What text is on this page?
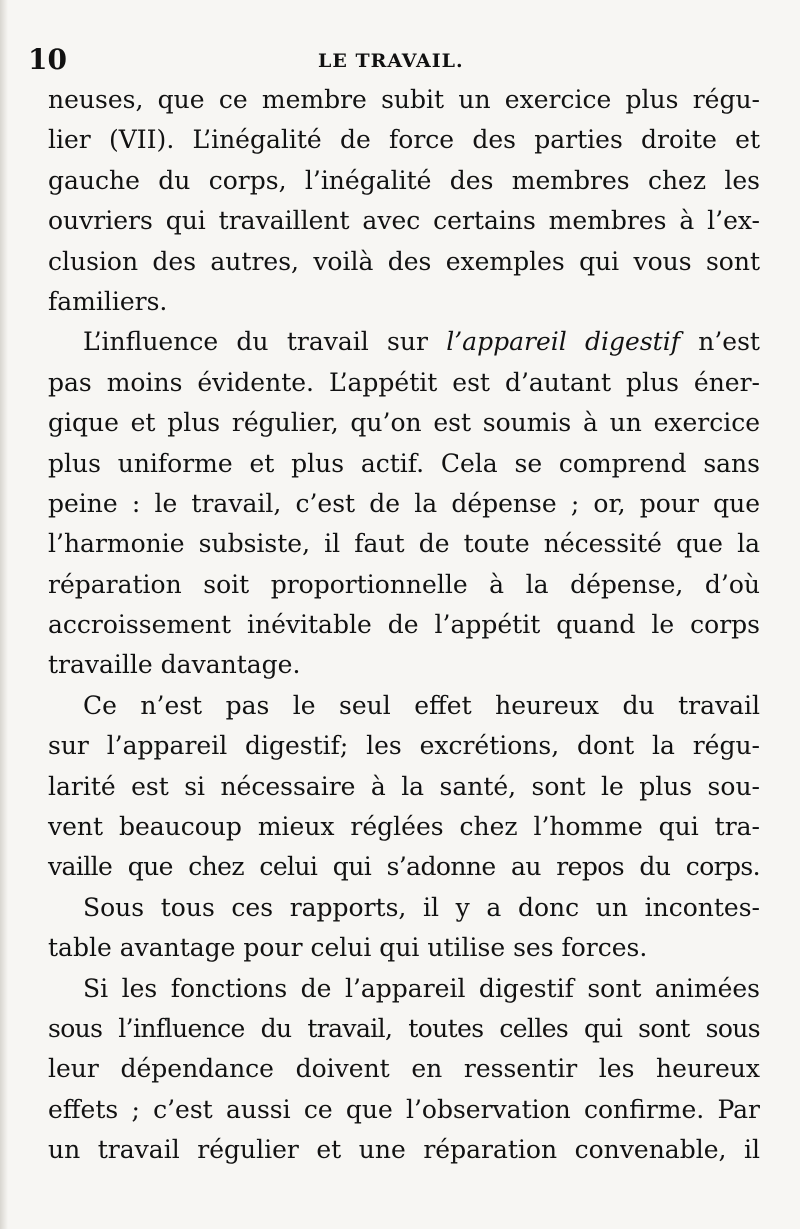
10	LE TRAVAIL.
neuses, que ce membre subit un exercice plus régu-
lier (VII). L’inégalité de force des parties droite et
gauche du corps, l’inégalité des membres chez les
ouvriers qui travaillent avec certains membres à l’ex-
clusion des autres, voilà des exemples qui vous sont
familiers.
L’influence du travail sur l’appareil digestif n’est
pas moins évidente. L’appétit est d’autant plus éner-
gique et plus régulier, qu’on est soumis à un exercice
plus uniforme et plus actif. Cela se comprend sans
peine : le travail, c’est de la dépense ; or, pour que
l’harmonie subsiste, il faut de toute nécessité que la
réparation soit proportionnelle à la dépense, d’où
accroissement inévitable de l’appétit quand le corps
travaille davantage.
Ce n’est pas le seul effet heureux du travail
sur l’appareil digestif; les excrétions, dont la régu-
larité est si nécessaire à la santé, sont le plus sou-
vent beaucoup mieux réglées chez l’homme qui tra-
vaille que chez celui qui s’adonne au repos du corps.
Sous tous ces rapports, il y a donc un incontes-
table avantage pour celui qui utilise ses forces.
Si les fonctions de l’appareil digestif sont animées
sous l’influence du travail, toutes celles qui sont sous
leur dépendance doivent en ressentir les heureux
effets ; c’est aussi ce que l’observation confirme. Par
un travail régulier et une réparation convenable, il
